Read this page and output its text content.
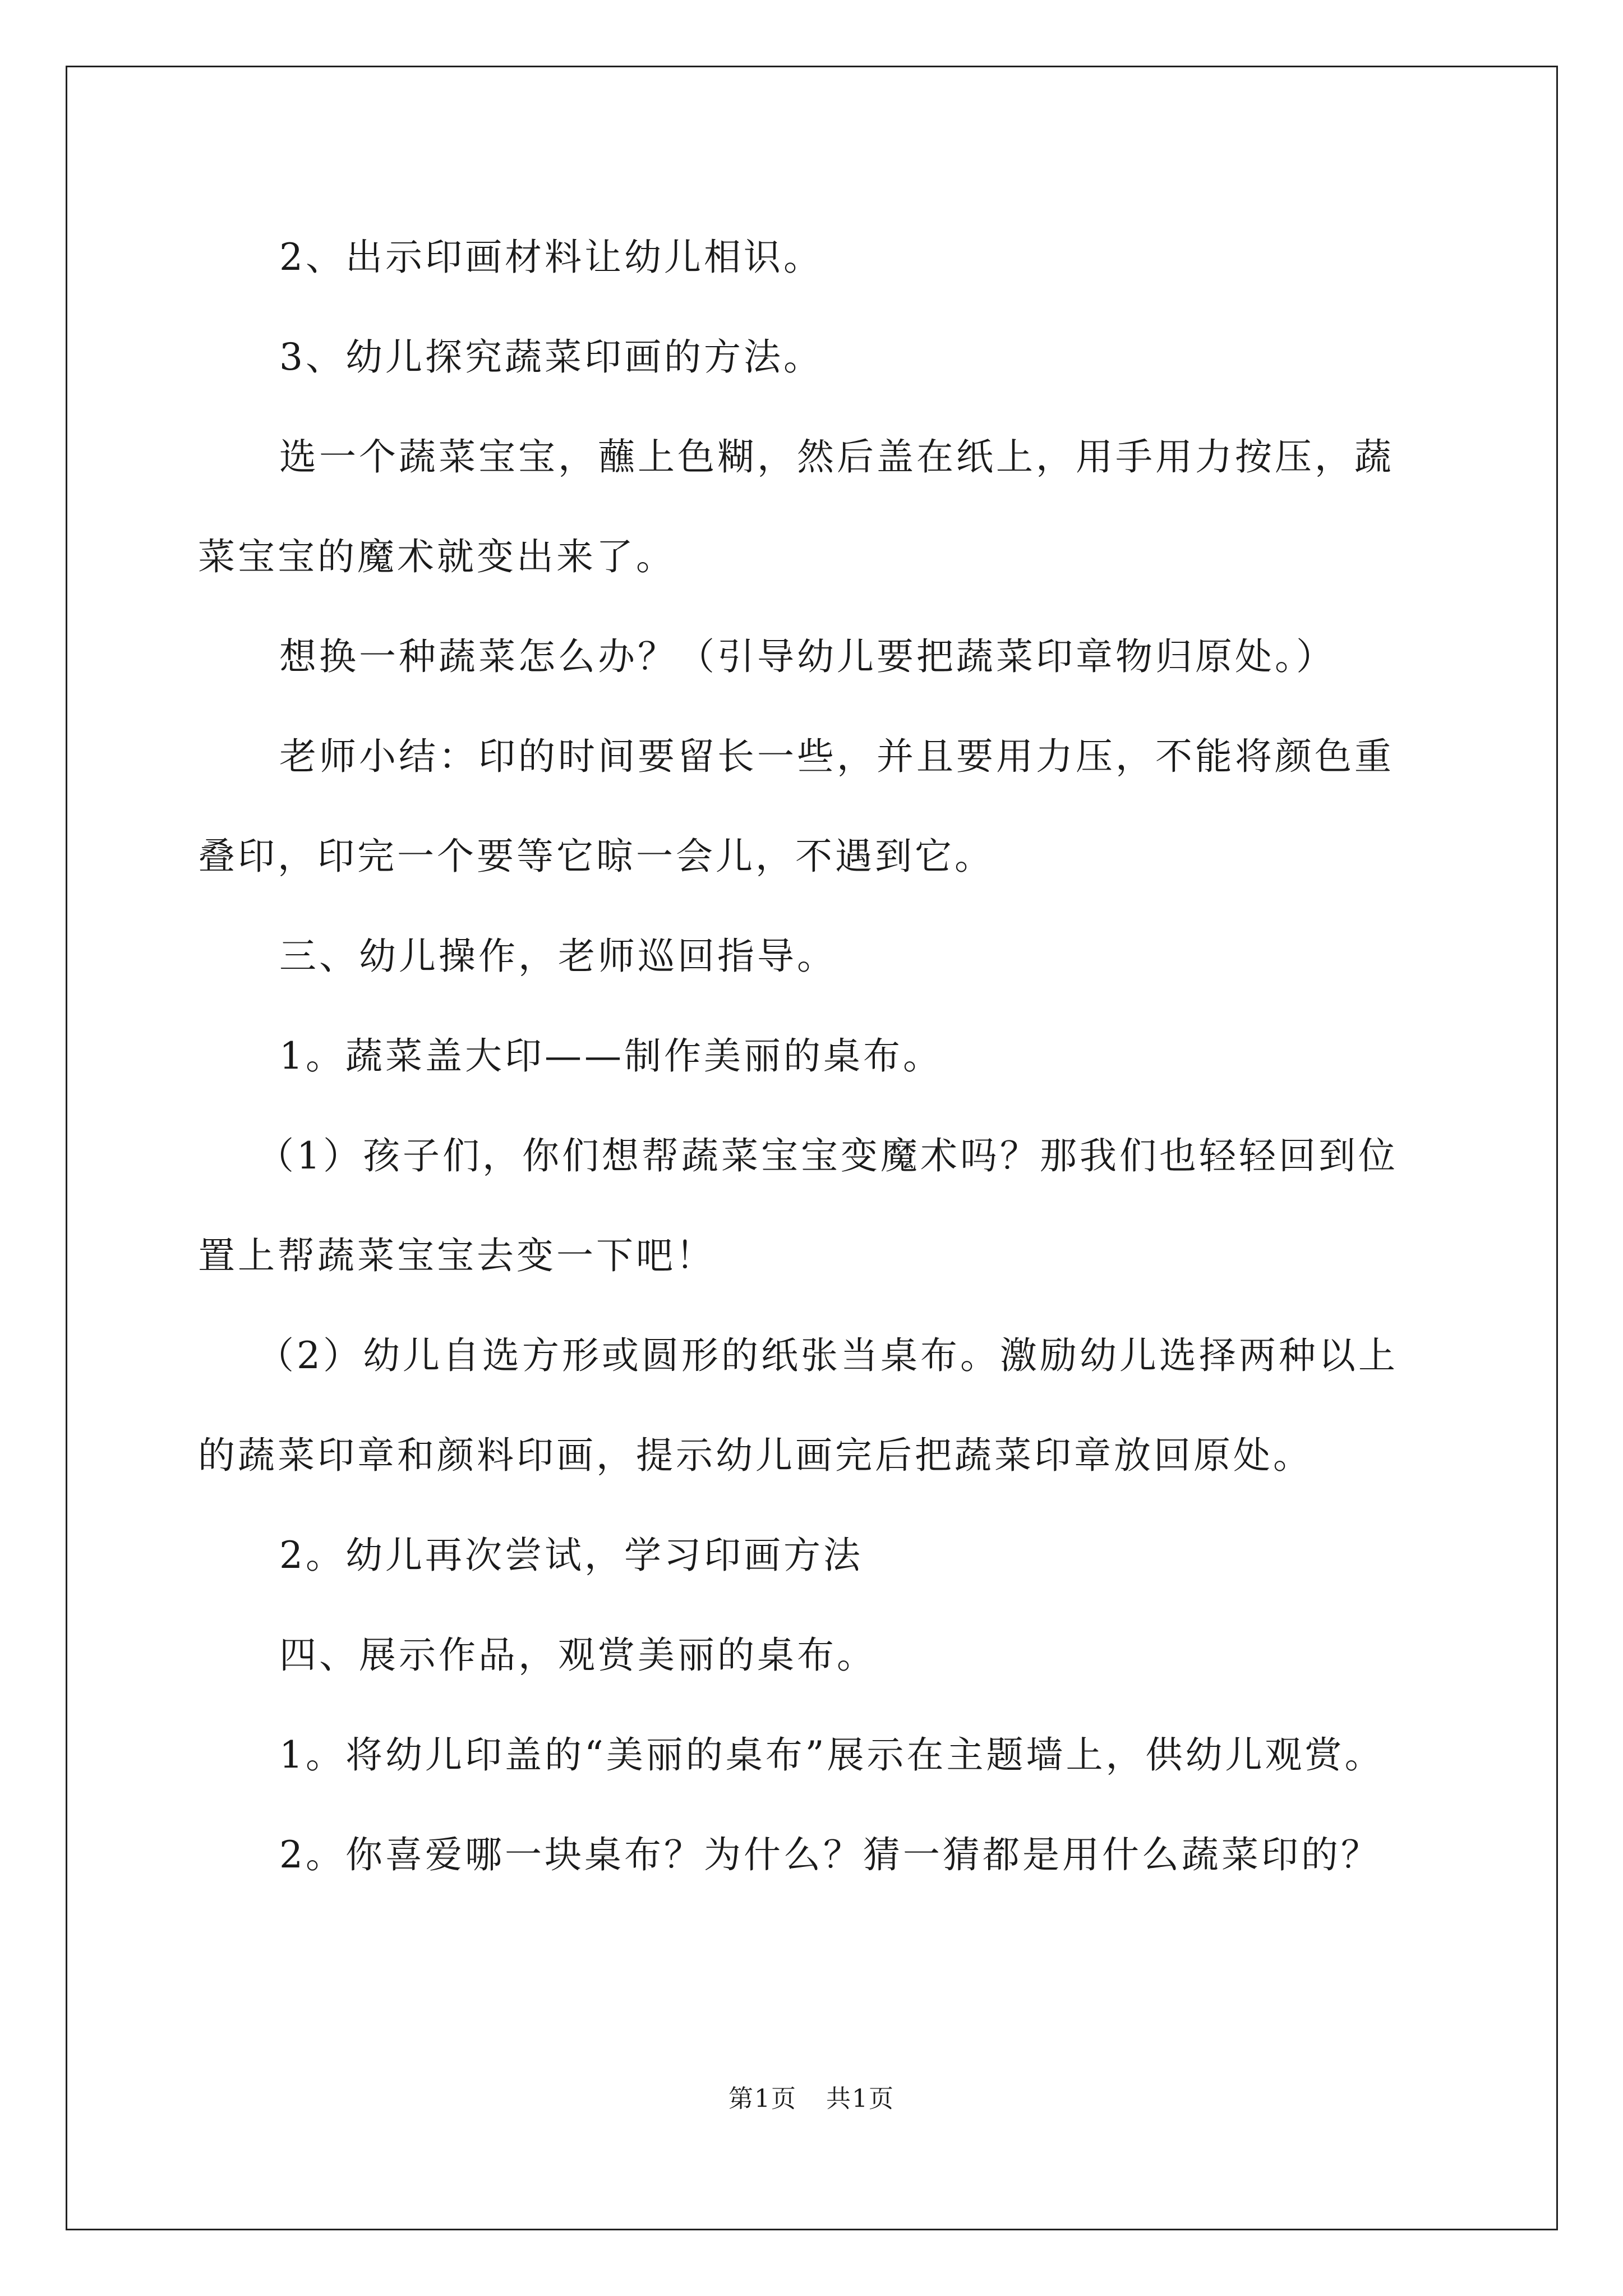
2、出示印画材料让幼儿相识。

3、幼儿探究蔬菜印画的方法。

选一个蔬菜宝宝，蘸上色糊，然后盖在纸上，用手用力按压，蔬

菜宝宝的魔术就变出来了。

想换一种蔬菜怎么办？（引导幼儿要把蔬菜印章物归原处。）

老师小结：印的时间要留长一些，并且要用力压，不能将颜色重

叠印，印完一个要等它晾一会儿，不遇到它。

三、幼儿操作，老师巡回指导。

1。蔬菜盖大印——制作美丽的桌布。

（1）孩子们，你们想帮蔬菜宝宝变魔术吗？那我们也轻轻回到位

置上帮蔬菜宝宝去变一下吧！

（2）幼儿自选方形或圆形的纸张当桌布。激励幼儿选择两种以上

的蔬菜印章和颜料印画，提示幼儿画完后把蔬菜印章放回原处。

2。幼儿再次尝试，学习印画方法

四、展示作品，观赏美丽的桌布。

1。将幼儿印盖的“美丽的桌布”展示在主题墙上，供幼儿观赏。

2。你喜爱哪一块桌布？为什么？猜一猜都是用什么蔬菜印的？

第1页 共1页
